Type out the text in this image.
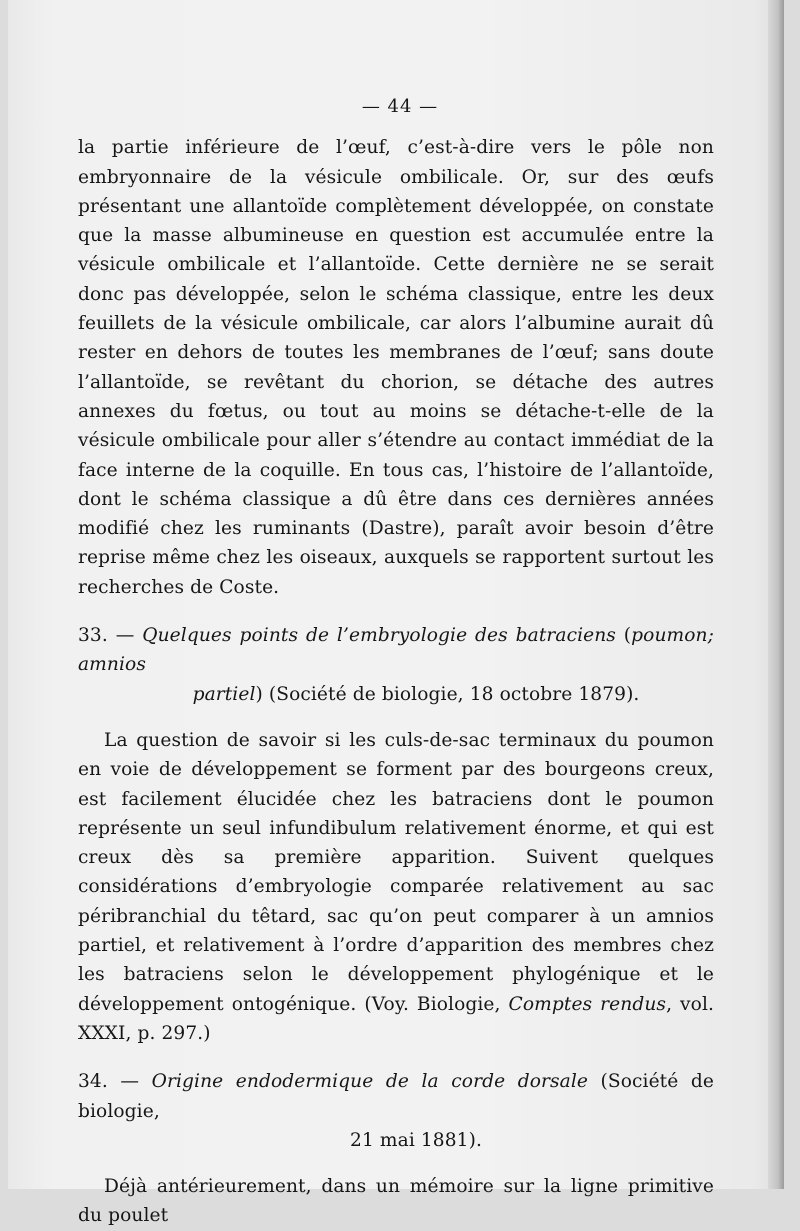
— 44 —

la partie inférieure de l’œuf, c’est-à-dire vers le pôle non embryonnaire de la vésicule ombilicale. Or, sur des œufs présentant une allantoïde complètement développée, on constate que la masse albumineuse en question est accumulée entre la vésicule ombilicale et l’allantoïde. Cette dernière ne se serait donc pas développée, selon le schéma classique, entre les deux feuillets de la vésicule ombilicale, car alors l’albumine aurait dû rester en dehors de toutes les membranes de l’œuf; sans doute l’allantoïde, se revêtant du chorion, se détache des autres annexes du fœtus, ou tout au moins se détache-t-elle de la vésicule ombilicale pour aller s’étendre au contact immédiat de la face interne de la coquille. En tous cas, l’histoire de l’allantoïde, dont le schéma classique a dû être dans ces dernières années modifié chez les ruminants (Dastre), paraît avoir besoin d’être reprise même chez les oiseaux, auxquels se rapportent surtout les recherches de Coste.

33. — Quelques points de l’embryologie des batraciens (poumon; amnios
partiel) (Société de biologie, 18 octobre 1879).

La question de savoir si les culs-de-sac terminaux du poumon en voie de développement se forment par des bourgeons creux, est facilement élucidée chez les batraciens dont le poumon représente un seul infundibulum relativement énorme, et qui est creux dès sa première apparition. Suivent quelques considérations d’embryologie comparée relativement au sac péribranchial du têtard, sac qu’on peut comparer à un amnios partiel, et relativement à l’ordre d’apparition des membres chez les batraciens selon le développement phylogénique et le développement ontogénique. (Voy. Biologie, Comptes rendus, vol. XXXI, p. 297.)

34. — Origine endodermique de la corde dorsale (Société de biologie,
21 mai 1881).

Déjà antérieurement, dans un mémoire sur la ligne primitive du poulet
